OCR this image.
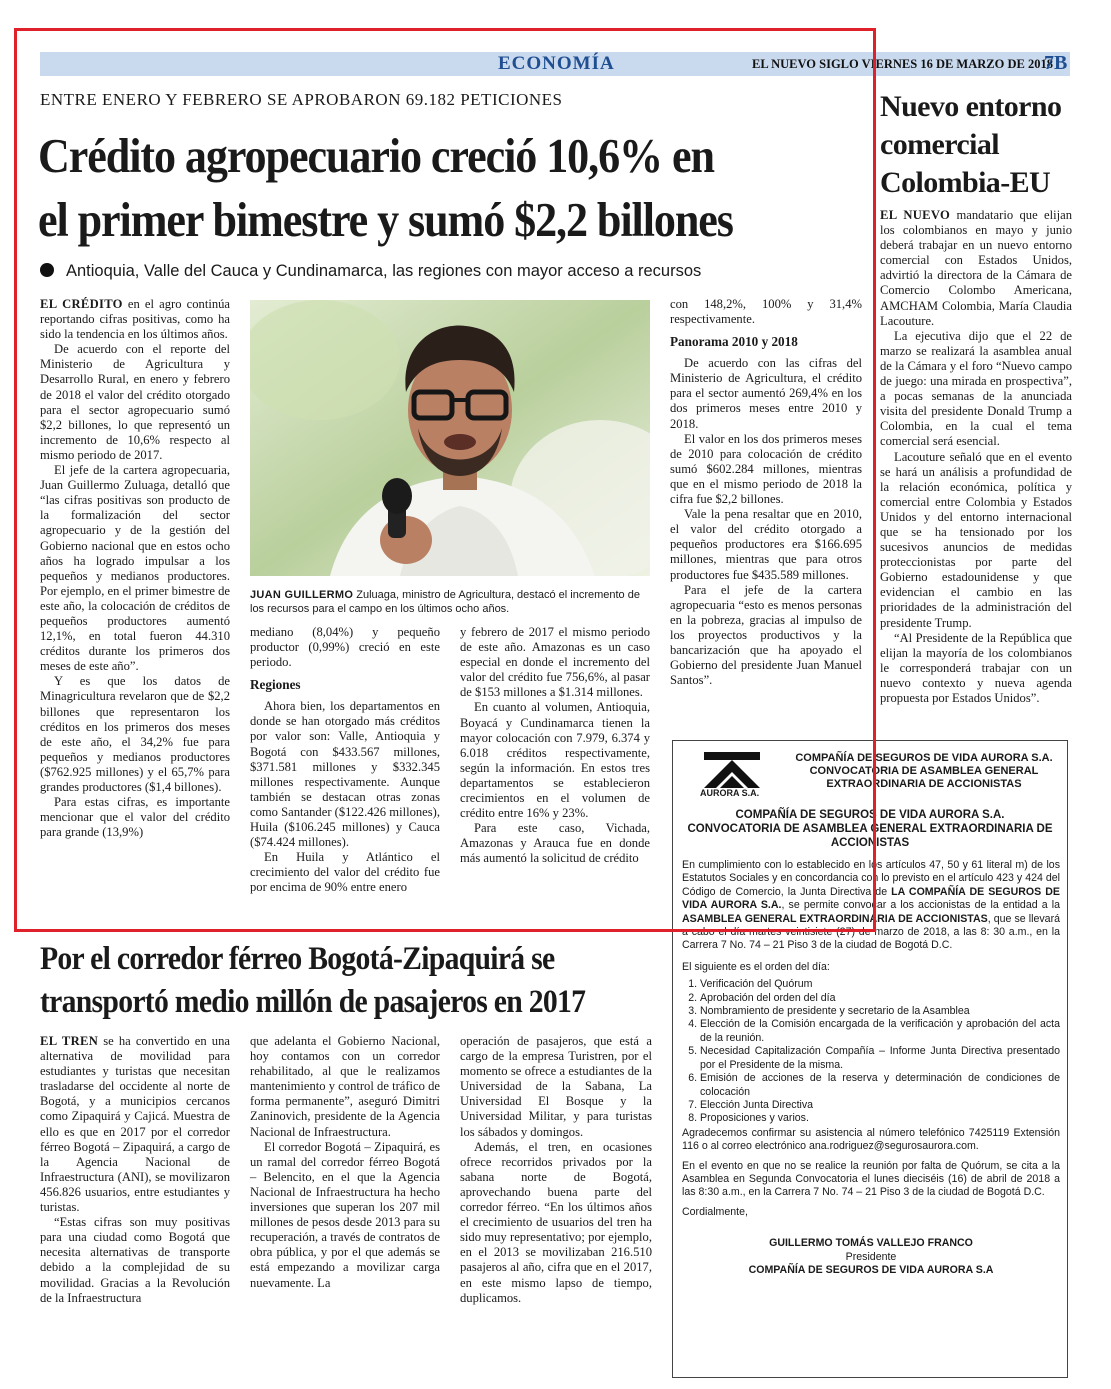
ECONOMÍA	EL NUEVO SIGLO VIERNES 16 DE MARZO DE 2018
7B
ENTRE ENERO Y FEBRERO SE APROBARON 69.182 PETICIONES
Crédito agropecuario creció 10,6% en
el primer bimestre y sumó $2,2 billones
Antioquia, Valle del Cauca y Cundinamarca, las regiones con mayor acceso a recursos

EL CRÉDITO en el agro continúa reportando cifras positivas, como ha sido la tendencia en los últimos años.

De acuerdo con el reporte del Ministerio de Agricultura y Desarrollo Rural, en enero y febrero de 2018 el valor del crédito otorgado para el sector agropecuario sumó $2,2 billones, lo que representó un incremento de 10,6% respecto al mismo periodo de 2017.

El jefe de la cartera agropecuaria, Juan Guillermo Zuluaga, detalló que “las cifras positivas son producto de la formalización del sector agropecuario y de la gestión del Gobierno nacional que en estos ocho años ha logrado impulsar a los pequeños y medianos productores. Por ejemplo, en el primer bimestre de este año, la colocación de créditos de pequeños productores aumentó 12,1%, en total fueron 44.310 créditos durante los primeros dos meses de este año”.

Y es que los datos de Minagricultura revelaron que de $2,2 billones que representaron los créditos en los primeros dos meses de este año, el 34,2% fue para pequeños y medianos productores ($762.925 millones) y el 65,7% para grandes productores ($1,4 billones).

Para estas cifras, es importante mencionar que el valor del crédito para grande (13,9%)

JUAN GUILLERMO Zuluaga, ministro de Agricultura, destacó el incremento de los recursos para el campo en los últimos ocho años.

mediano (8,04%) y pequeño productor (0,99%) creció en este periodo.

Regiones

Ahora bien, los departamentos en donde se han otorgado más créditos por valor son: Valle, Antioquia y Bogotá con $433.567 millones, $371.581 millones y $332.345 millones respectivamente. Aunque también se destacan otras zonas como Santander ($122.426 millones), Huila ($106.245 millones) y Cauca ($74.424 millones).

En Huila y Atlántico el crecimiento del valor del crédito fue por encima de 90% entre enero

y febrero de 2017 el mismo periodo de este año. Amazonas es un caso especial en donde el incremento del valor del crédito fue 756,6%, al pasar de $153 millones a $1.314 millones.

En cuanto al volumen, Antioquia, Boyacá y Cundinamarca tienen la mayor colocación con 7.979, 6.374 y 6.018 créditos respectivamente, según la información. En estos tres departamentos se establecieron crecimientos en el volumen de crédito entre 16% y 23%.

Para este caso, Vichada, Amazonas y Arauca fue en donde más aumentó la solicitud de crédito

con 148,2%, 100% y 31,4% respectivamente.

Panorama 2010 y 2018

De acuerdo con las cifras del Ministerio de Agricultura, el crédito para el sector aumentó 269,4% en los dos primeros meses entre 2010 y 2018.

El valor en los dos primeros meses de 2010 para colocación de crédito sumó $602.284 millones, mientras que en el mismo periodo de 2018 la cifra fue $2,2 billones.

Vale la pena resaltar que en 2010, el valor del crédito otorgado a pequeños productores era $166.695 millones, mientras que para otros productores fue $435.589 millones.

Para el jefe de la cartera agropecuaria “esto es menos personas en la pobreza, gracias al impulso de los proyectos productivos y la bancarización que ha apoyado el Gobierno del presidente Juan Manuel Santos”.

Nuevo entorno comercial Colombia-EU

EL NUEVO mandatario que elijan los colombianos en mayo y junio deberá trabajar en un nuevo entorno comercial con Estados Unidos, advirtió la directora de la Cámara de Comercio Colombo Americana, AMCHAM Colombia, María Claudia Lacouture.

La ejecutiva dijo que el 22 de marzo se realizará la asamblea anual de la Cámara y el foro “Nuevo campo de juego: una mirada en prospectiva”, a pocas semanas de la anunciada visita del presidente Donald Trump a Colombia, en la cual el tema comercial será esencial.

Lacouture señaló que en el evento se hará un análisis a profundidad de la relación económica, política y comercial entre Colombia y Estados Unidos y del entorno internacional que se ha tensionado por los sucesivos anuncios de medidas proteccionistas por parte del Gobierno estadounidense y que evidencian el cambio en las prioridades de la administración del presidente Trump.

“Al Presidente de la República que elijan la mayoría de los colombianos le corresponderá trabajar con un nuevo contexto y nueva agenda propuesta por Estados Unidos”.

AURORA S.A.
COMPAÑÍA DE SEGUROS DE VIDA AURORA S.A.
CONVOCATORIA DE ASAMBLEA GENERAL
EXTRAORDINARIA DE ACCIONISTAS
COMPAÑÍA DE SEGUROS DE VIDA AURORA S.A.
CONVOCATORIA DE ASAMBLEA GENERAL EXTRAORDINARIA DE ACCIONISTAS
En cumplimiento con lo establecido en los artículos 47, 50 y 61 literal m) de los Estatutos Sociales y en concordancia con lo previsto en el artículo 423 y 424 del Código de Comercio, la Junta Directiva de LA COMPAÑÍA DE SEGUROS DE VIDA AURORA S.A., se permite convocar a los accionistas de la entidad a la ASAMBLEA GENERAL EXTRAORDINARIA DE ACCIONISTAS, que se llevará a cabo el día martes veintisiete (27) de marzo de 2018, a las 8: 30 a.m., en la Carrera 7 No. 74 – 21 Piso 3 de la ciudad de Bogotá D.C.
El siguiente es el orden del día:
1. Verificación del Quórum
2. Aprobación del orden del día
3. Nombramiento de presidente y secretario de la Asamblea
4. Elección de la Comisión encargada de la verificación y aprobación del acta de la reunión.
5. Necesidad Capitalización Compañía – Informe Junta Directiva presentado por el Presidente de la misma.
6. Emisión de acciones de la reserva y determinación de condiciones de colocación
7. Elección Junta Directiva
8. Proposiciones y varios.
Agradecemos confirmar su asistencia al número telefónico 7425119 Extensión 116 o al correo electrónico ana.rodriguez@segurosaurora.com.
En el evento en que no se realice la reunión por falta de Quórum, se cita a la Asamblea en Segunda Convocatoria el lunes dieciséis (16) de abril de 2018 a las 8:30 a.m., en la Carrera 7 No. 74 – 21 Piso 3 de la ciudad de Bogotá D.C.
Cordialmente,
GUILLERMO TOMÁS VALLEJO FRANCO
Presidente
COMPAÑÍA DE SEGUROS DE VIDA AURORA S.A
Por el corredor férreo Bogotá-Zipaquirá se
transportó medio millón de pasajeros en 2017

EL TREN se ha convertido en una alternativa de movilidad para estudiantes y turistas que necesitan trasladarse del occidente al norte de Bogotá, y a municipios cercanos como Zipaquirá y Cajicá. Muestra de ello es que en 2017 por el corredor férreo Bogotá – Zipaquirá, a cargo de la Agencia Nacional de Infraestructura (ANI), se movilizaron 456.826 usuarios, entre estudiantes y turistas.

“Estas cifras son muy positivas para una ciudad como Bogotá que necesita alternativas de transporte debido a la complejidad de su movilidad. Gracias a la Revolución de la Infraestructura

que adelanta el Gobierno Nacional, hoy contamos con un corredor rehabilitado, al que le realizamos mantenimiento y control de tráfico de forma permanente”, aseguró Dimitri Zaninovich, presidente de la Agencia Nacional de Infraestructura.

El corredor Bogotá – Zipaquirá, es un ramal del corredor férreo Bogotá – Belencito, en el que la Agencia Nacional de Infraestructura ha hecho inversiones que superan los 207 mil millones de pesos desde 2013 para su recuperación, a través de contratos de obra pública, y por el que además se está empezando a movilizar carga nuevamente. La

operación de pasajeros, que está a cargo de la empresa Turistren, por el momento se ofrece a estudiantes de la Universidad de la Sabana, La Universidad El Bosque y la Universidad Militar, y para turistas los sábados y domingos.

Además, el tren, en ocasiones ofrece recorridos privados por la sabana norte de Bogotá, aprovechando buena parte del corredor férreo. “En los últimos años el crecimiento de usuarios del tren ha sido muy representativo; por ejemplo, en el 2013 se movilizaban 216.510 pasajeros al año, cifra que en el 2017, en este mismo lapso de tiempo, duplicamos.
